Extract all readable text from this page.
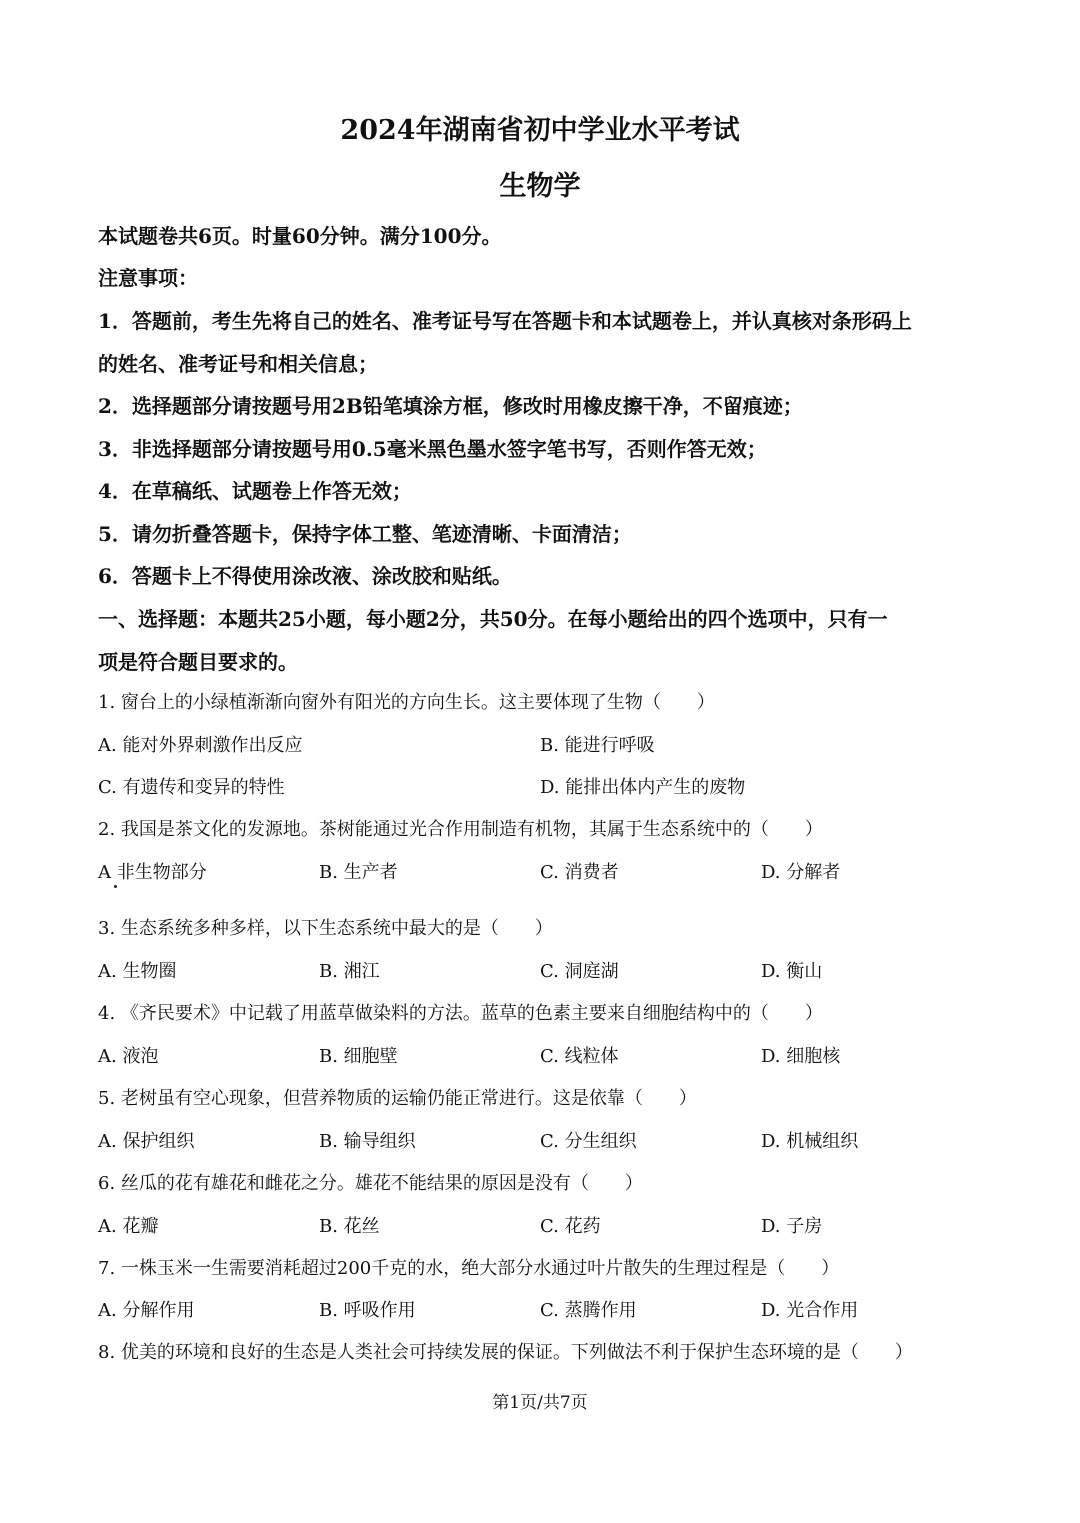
2024年湖南省初中学业水平考试
生物学
本试题卷共6页。时量60分钟。满分100分。
注意事项：
1．答题前，考生先将自己的姓名、准考证号写在答题卡和本试题卷上，并认真核对条形码上
的姓名、准考证号和相关信息；
2．选择题部分请按题号用2B铅笔填涂方框，修改时用橡皮擦干净，不留痕迹；
3．非选择题部分请按题号用0.5毫米黑色墨水签字笔书写，否则作答无效；
4．在草稿纸、试题卷上作答无效；
5．请勿折叠答题卡，保持字体工整、笔迹清晰、卡面清洁；
6．答题卡上不得使用涂改液、涂改胶和贴纸。
一、选择题：本题共25小题，每小题2分，共50分。在每小题给出的四个选项中，只有一
项是符合题目要求的。
1. 窗台上的小绿植渐渐向窗外有阳光的方向生长。这主要体现了生物（　　）
A. 能对外界刺激作出反应	B. 能进行呼吸
C. 有遗传和变异的特性	D. 能排出体内产生的废物
2. 我国是茶文化的发源地。茶树能通过光合作用制造有机物，其属于生态系统中的（　　）
A 非生物部分	B. 生产者	C. 消费者	D. 分解者
3. 生态系统多种多样，以下生态系统中最大的是（　　）
A. 生物圈	B. 湘江	C. 洞庭湖	D. 衡山
4. 《齐民要术》中记载了用蓝草做染料的方法。蓝草的色素主要来自细胞结构中的（　　）
A. 液泡	B. 细胞壁	C. 线粒体	D. 细胞核
5. 老树虽有空心现象，但营养物质的运输仍能正常进行。这是依靠（　　）
A. 保护组织	B. 输导组织	C. 分生组织	D. 机械组织
6. 丝瓜的花有雄花和雌花之分。雄花不能结果的原因是没有（　　）
A. 花瓣	B. 花丝	C. 花药	D. 子房
7. 一株玉米一生需要消耗超过200千克的水，绝大部分水通过叶片散失的生理过程是（　　）
A. 分解作用	B. 呼吸作用	C. 蒸腾作用	D. 光合作用
8. 优美的环境和良好的生态是人类社会可持续发展的保证。下列做法不利于保护生态环境的是（　　）
第1页/共7页
